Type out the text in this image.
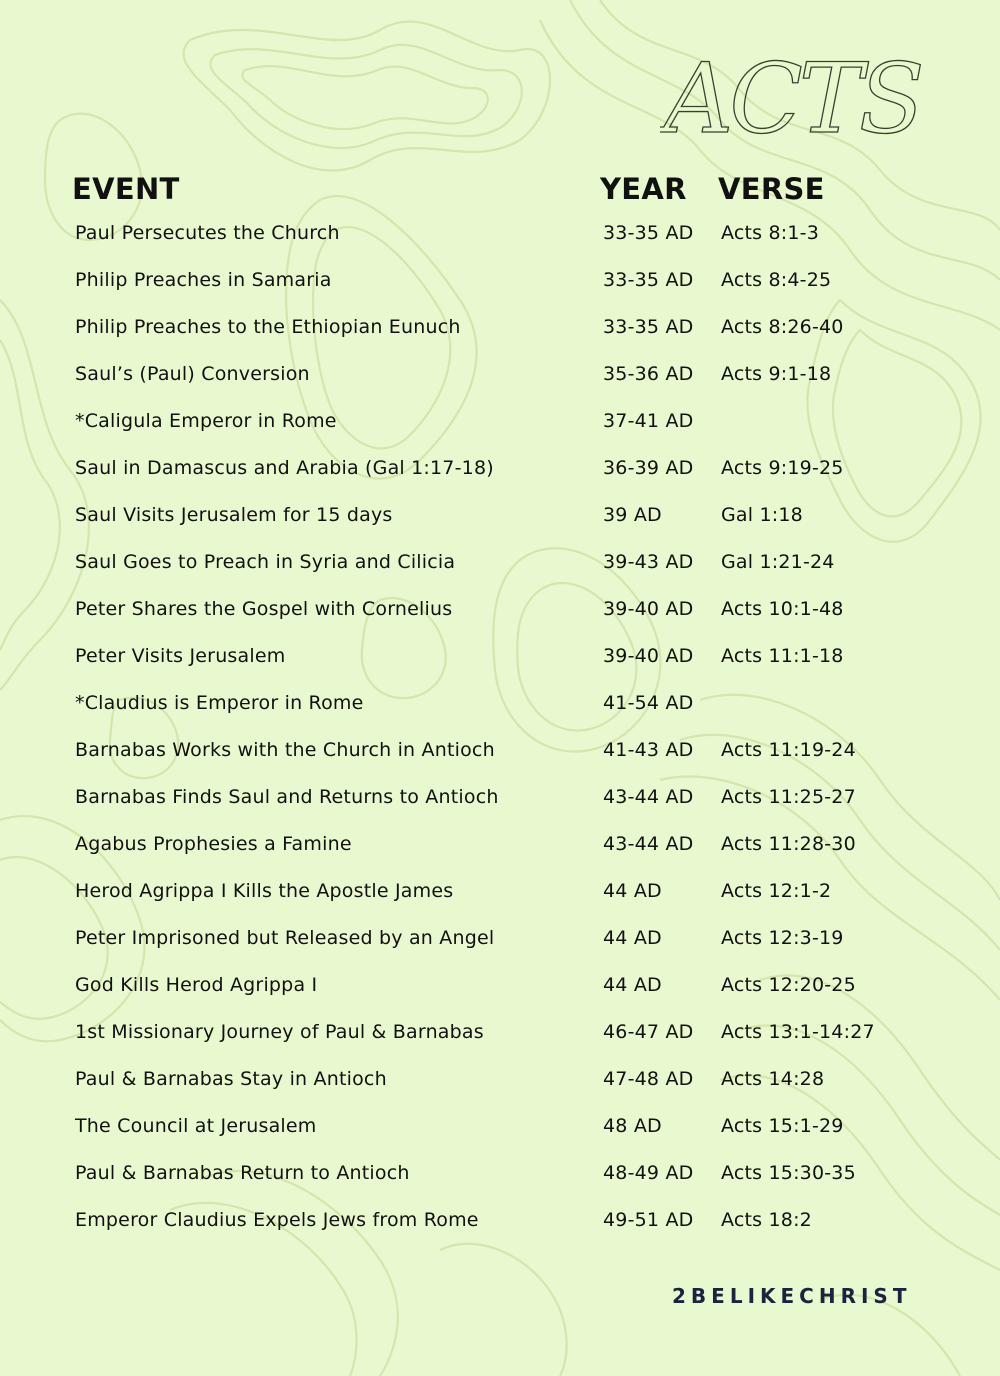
ACTS
EVENT	YEAR VERSE
Paul Persecutes the Church	33-35 AD Acts 8:1-3
Philip Preaches in Samaria	33-35 AD Acts 8:4-25
Philip Preaches to the Ethiopian Eunuch	33-35 AD Acts 8:26-40
Saul’s (Paul) Conversion	35-36 AD Acts 9:1-18
*Caligula Emperor in Rome	37-41 AD
Saul in Damascus and Arabia (Gal 1:17-18)	36-39 AD Acts 9:19-25
Saul Visits Jerusalem for 15 days	39 AD	Gal 1:18
Saul Goes to Preach in Syria and Cilicia	39-43 AD Gal 1:21-24
Peter Shares the Gospel with Cornelius	39-40 AD Acts 10:1-48
Peter Visits Jerusalem	39-40 AD Acts 11:1-18
*Claudius is Emperor in Rome	41-54 AD
Barnabas Works with the Church in Antioch	41-43 AD Acts 11:19-24
Barnabas Finds Saul and Returns to Antioch	43-44 AD Acts 11:25-27
Agabus Prophesies a Famine	43-44 AD Acts 11:28-30
Herod Agrippa I Kills the Apostle James	44 AD	Acts 12:1-2
Peter Imprisoned but Released by an Angel	44 AD	Acts 12:3-19
God Kills Herod Agrippa I	44 AD	Acts 12:20-25
1st Missionary Journey of Paul & Barnabas	46-47 AD Acts 13:1-14:27
Paul & Barnabas Stay in Antioch	47-48 AD Acts 14:28
The Council at Jerusalem	48 AD	Acts 15:1-29
Paul & Barnabas Return to Antioch	48-49 AD Acts 15:30-35
Emperor Claudius Expels Jews from Rome	49-51 AD Acts 18:2
2BELIKECHRIST
